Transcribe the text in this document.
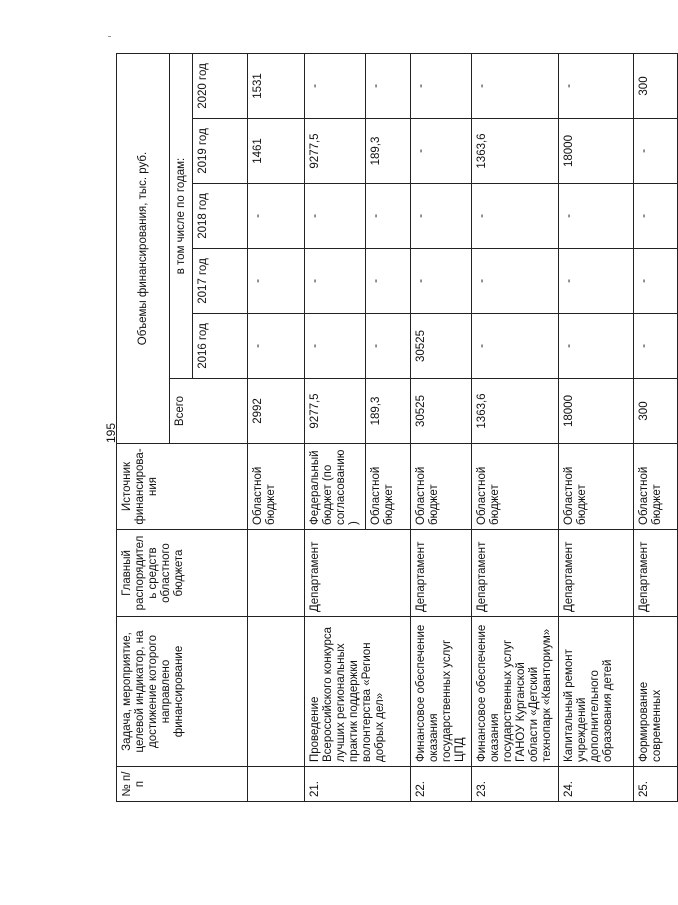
195
№ п/п	Задача, мероприятие, целевой индикатор, на достижение которого направлено финансирование	Главный распорядитель средств областного бюджета	Источник финансирова-ния	Объемы финансирования, тыс. руб.					
				Всего	в том числе по годам:				
					2016 год	2017 год	2018 год	2019 год	2020 год
			Областной бюджет	2992	-	-	-	1461	1531
21.	Проведение Всероссийского конкурса лучших региональных практик поддержки волонтерства «Регион добрых дел»	Департамент	Федеральный бюджет (по согласованию)	9277,5	-	-	-	9277,5	-
			Областной бюджет	189,3	-	-	-	189,3	-
22.	Финансовое обеспечение оказания государственных услуг ЦПД	Департамент	Областной бюджет	30525	30525	-	-	-	-
23.	Финансовое обеспечение оказания государственных услуг ГАНОУ Курганской области «Детский технопарк «Кванториум»	Департамент	Областной бюджет	1363,6	-	-	-	1363,6	-
24.	Капитальный ремонт учреждений дополнительного образования детей	Департамент	Областной бюджет	18000	-	-	-	18000	-
25.	Формирование современных	Департамент	Областной бюджет	300	-	-	-	-	300
